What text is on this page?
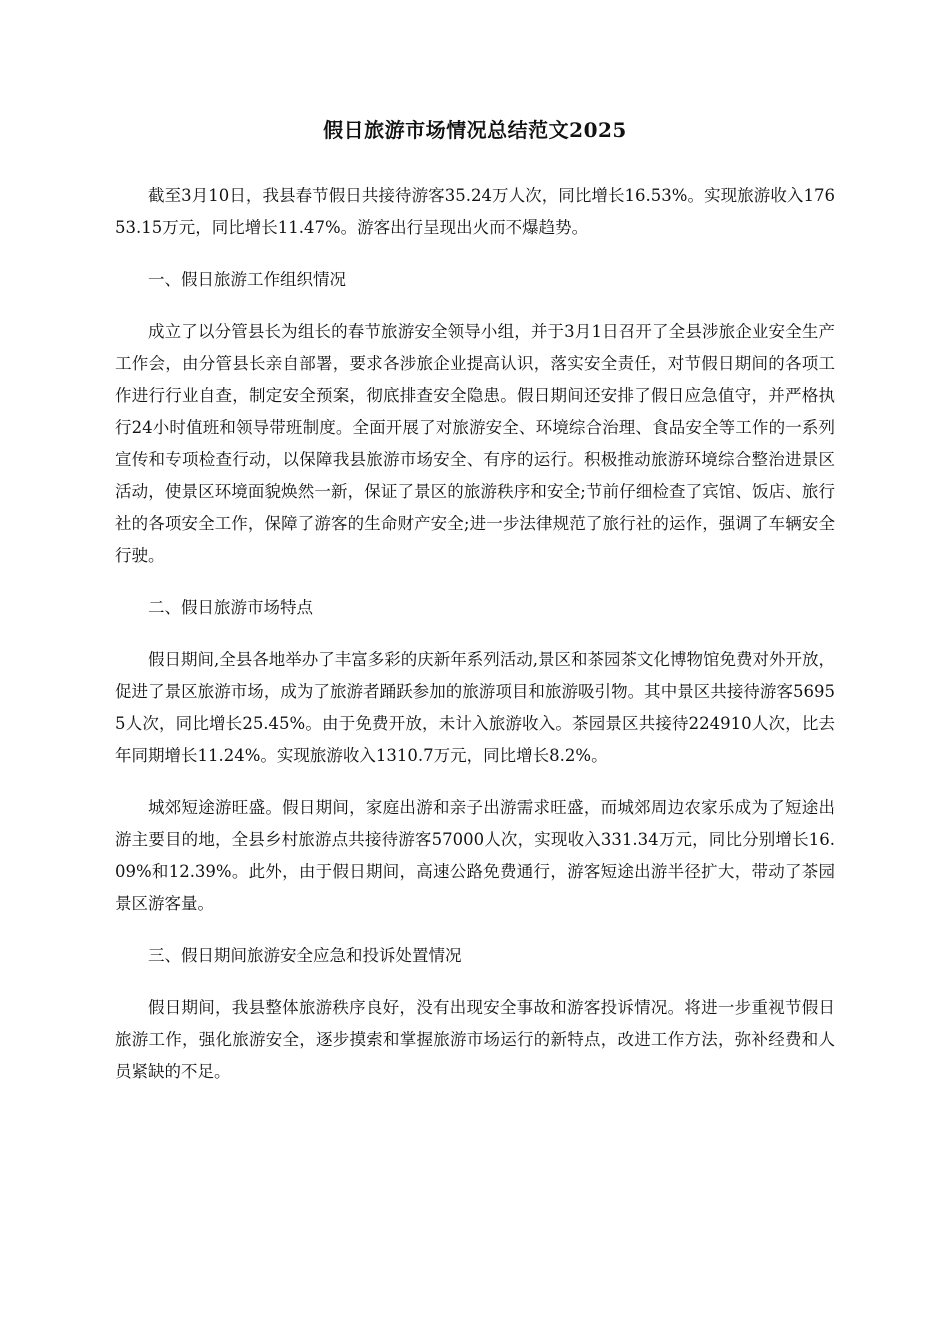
假日旅游市场情况总结范文2025

截至3月10日，我县春节假日共接待游客35.24万人次，同比增长16.53%。实现旅游收入17653.15万元，同比增长11.47%。游客出行呈现出火而不爆趋势。

一、假日旅游工作组织情况

成立了以分管县长为组长的春节旅游安全领导小组，并于3月1日召开了全县涉旅企业安全生产工作会，由分管县长亲自部署，要求各涉旅企业提高认识，落实安全责任，对节假日期间的各项工作进行行业自查，制定安全预案，彻底排查安全隐患。假日期间还安排了假日应急值守，并严格执行24小时值班和领导带班制度。全面开展了对旅游安全、环境综合治理、食品安全等工作的一系列宣传和专项检查行动，以保障我县旅游市场安全、有序的运行。积极推动旅游环境综合整治进景区活动，使景区环境面貌焕然一新，保证了景区的旅游秩序和安全;节前仔细检查了宾馆、饭店、旅行社的各项安全工作，保障了游客的生命财产安全;进一步法律规范了旅行社的运作，强调了车辆安全行驶。

二、假日旅游市场特点

假日期间,全县各地举办了丰富多彩的庆新年系列活动,景区和茶园茶文化博物馆免费对外开放，促进了景区旅游市场，成为了旅游者踊跃参加的旅游项目和旅游吸引物。其中景区共接待游客56955人次，同比增长25.45%。由于免费开放，未计入旅游收入。茶园景区共接待224910人次，比去年同期增长11.24%。实现旅游收入1310.7万元，同比增长8.2%。

城郊短途游旺盛。假日期间，家庭出游和亲子出游需求旺盛，而城郊周边农家乐成为了短途出游主要目的地，全县乡村旅游点共接待游客57000人次，实现收入331.34万元，同比分别增长16.09%和12.39%。此外，由于假日期间，高速公路免费通行，游客短途出游半径扩大，带动了茶园景区游客量。

三、假日期间旅游安全应急和投诉处置情况

假日期间，我县整体旅游秩序良好，没有出现安全事故和游客投诉情况。将进一步重视节假日旅游工作，强化旅游安全，逐步摸索和掌握旅游市场运行的新特点，改进工作方法，弥补经费和人员紧缺的不足。
